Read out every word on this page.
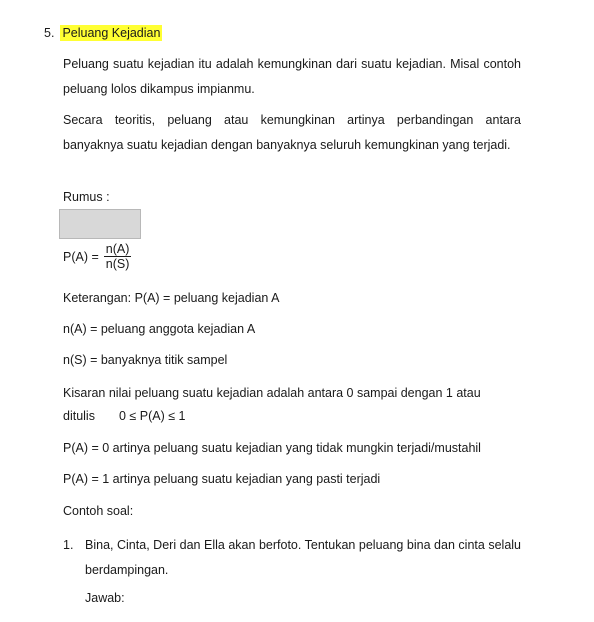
5. Peluang Kejadian
Peluang suatu kejadian itu adalah kemungkinan dari suatu kejadian. Misal contoh peluang lolos dikampus impianmu.
Secara teoritis, peluang atau kemungkinan artinya perbandingan antara banyaknya suatu kejadian dengan banyaknya seluruh kemungkinan yang terjadi.
Rumus :
$P(A) = \frac{n(A)}{n(S)}$
Keterangan: P(A) = peluang kejadian A
n(A) = peluang anggota kejadian A
n(S) = banyaknya titik sampel
Kisaran nilai peluang suatu kejadian adalah antara 0 sampai dengan 1 atau
ditulis 0 ≤ P(A) ≤ 1
P(A) = 0 artinya peluang suatu kejadian yang tidak mungkin terjadi/mustahil
P(A) = 1 artinya peluang suatu kejadian yang pasti terjadi
Contoh soal:
1. Bina, Cinta, Deri dan Ella akan berfoto. Tentukan peluang bina dan cinta selalu berdampingan.
Jawab:
